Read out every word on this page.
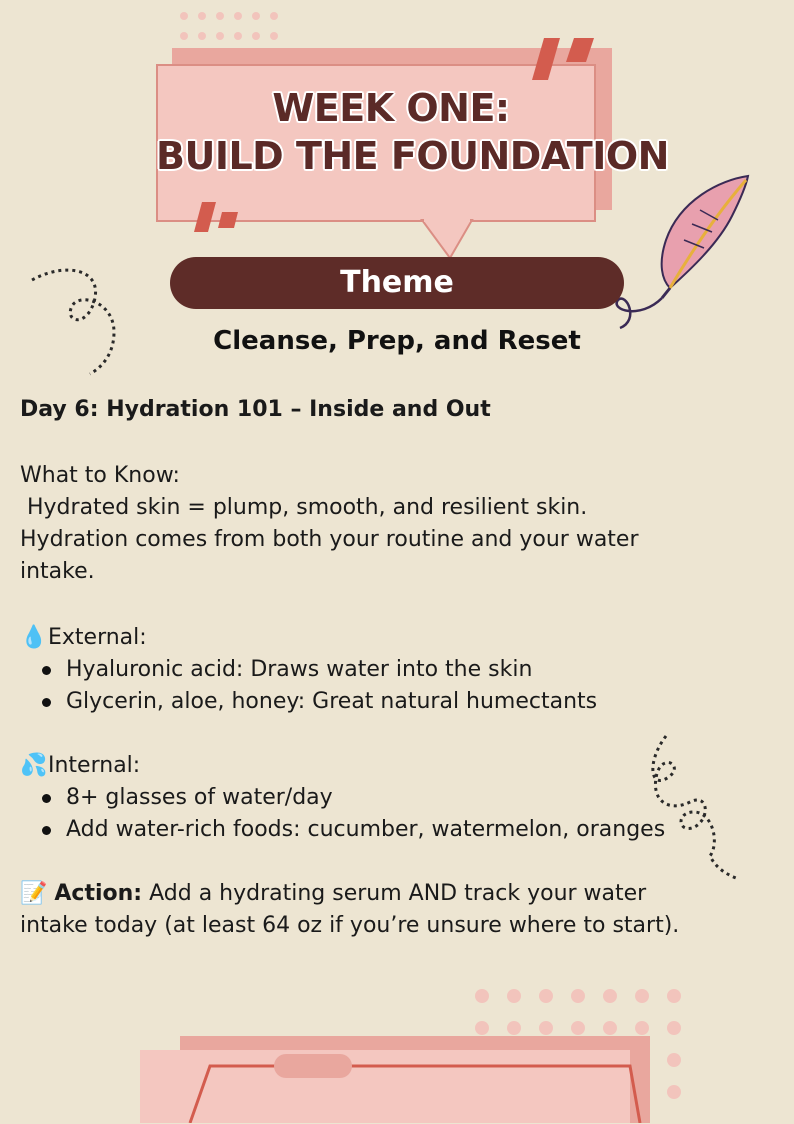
WEEK ONE:
BUILD THE FOUNDATION
Theme
Cleanse, Prep, and Reset
Day 6: Hydration 101 – Inside and Out
What to Know:
Hydrated skin = plump, smooth, and resilient skin.
Hydration comes from both your routine and your water
intake.
💧External:
Hyaluronic acid: Draws water into the skin
Glycerin, aloe, honey: Great natural humectants
💦Internal:
8+ glasses of water/day
Add water-rich foods: cucumber, watermelon, oranges
📝 Action: Add a hydrating serum AND track your water
intake today (at least 64 oz if you’re unsure where to start).
